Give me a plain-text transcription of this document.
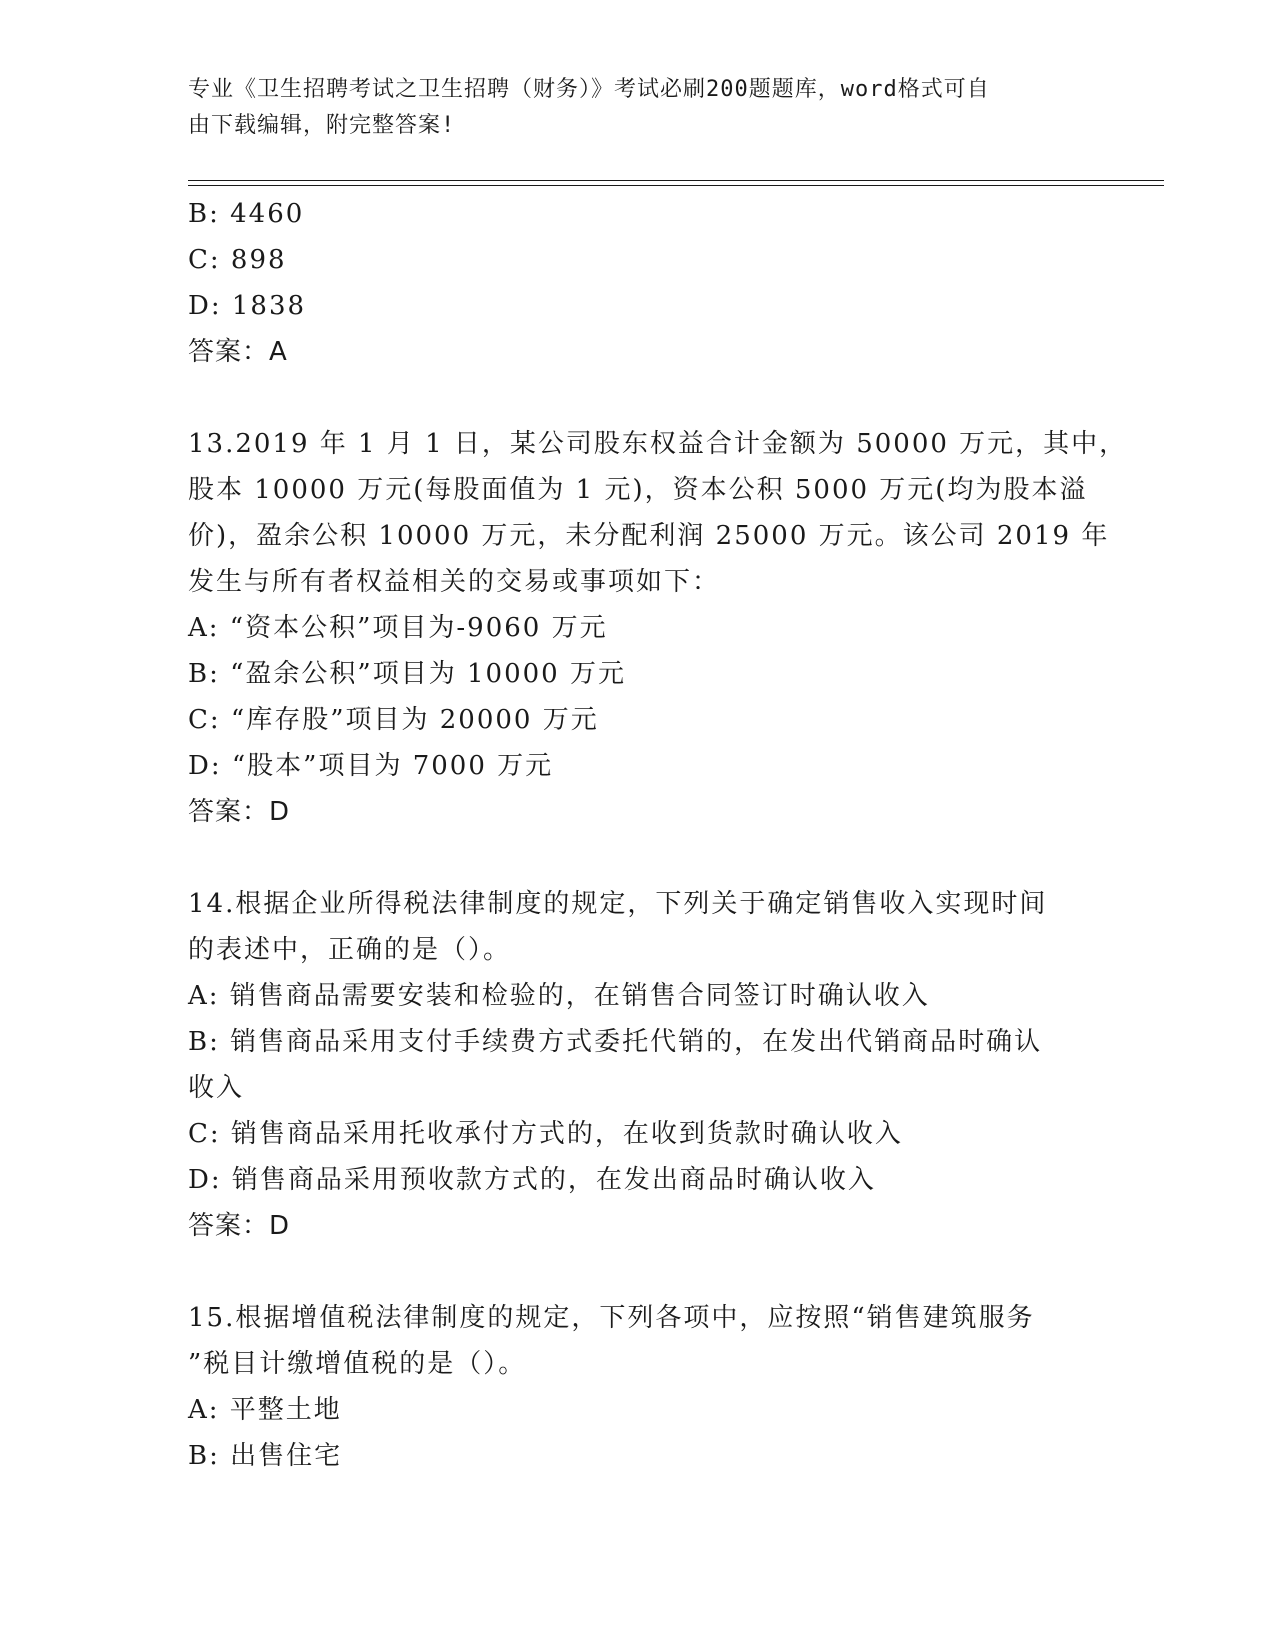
专业《卫生招聘考试之卫生招聘（财务）》考试必刷200题题库，word格式可自
由下载编辑，附完整答案!
B: 4460
C: 898
D: 1838
答案：A
13.2019 年 1 月 1 日，某公司股东权益合计金额为 50000 万元，其中，
股本 10000 万元(每股面值为 1 元)，资本公积 5000 万元(均为股本溢
价)，盈余公积 10000 万元，未分配利润 25000 万元。该公司 2019 年
发生与所有者权益相关的交易或事项如下：
A: “资本公积”项目为-9060 万元
B: “盈余公积”项目为 10000 万元
C: “库存股”项目为 20000 万元
D: “股本”项目为 7000 万元
答案：D
14.根据企业所得税法律制度的规定，下列关于确定销售收入实现时间
的表述中，正确的是（）。
A: 销售商品需要安装和检验的，在销售合同签订时确认收入
B: 销售商品采用支付手续费方式委托代销的，在发出代销商品时确认
收入
C: 销售商品采用托收承付方式的，在收到货款时确认收入
D: 销售商品采用预收款方式的，在发出商品时确认收入
答案：D
15.根据增值税法律制度的规定，下列各项中，应按照“销售建筑服务
”税目计缴增值税的是（）。
A: 平整土地
B: 出售住宅
